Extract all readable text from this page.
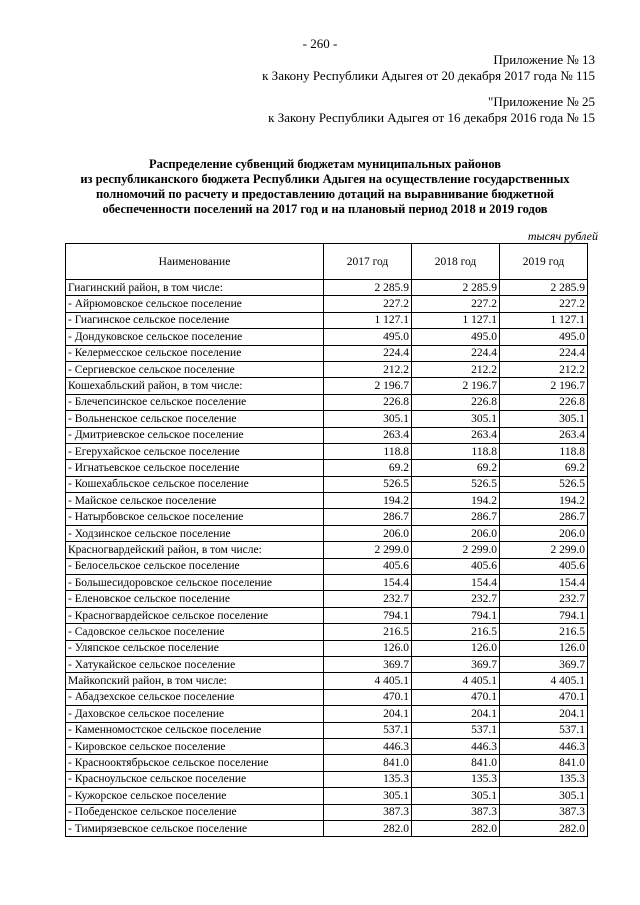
- 260 -
Приложение № 13
к Закону Республики Адыгея от 20 декабря 2017 года № 115
"Приложение № 25
к Закону Республики Адыгея от 16 декабря 2016 года № 15
Распределение субвенций бюджетам муниципальных районов
из республиканского бюджета Республики Адыгея на осуществление государственных
полномочий по расчету и предоставлению дотаций на выравнивание бюджетной
обеспеченности поселений на 2017 год и на плановый период 2018 и 2019 годов
тысяч рублей
Наименование	2017 год	2018 год	2019 год
Гиагинский район, в том числе:	2 285.9	2 285.9	2 285.9
- Айрюмовское сельское поселение	227.2	227.2	227.2
- Гиагинское сельское поселение	1 127.1	1 127.1	1 127.1
- Дондуковское сельское поселение	495.0	495.0	495.0
- Келермесское сельское поселение	224.4	224.4	224.4
- Сергиевское сельское поселение	212.2	212.2	212.2
Кошехабльский район, в том числе:	2 196.7	2 196.7	2 196.7
- Блечепсинское сельское поселение	226.8	226.8	226.8
- Вольненское сельское поселение	305.1	305.1	305.1
- Дмитриевское сельское поселение	263.4	263.4	263.4
- Егерухайское сельское поселение	118.8	118.8	118.8
- Игнатьевское сельское поселение	69.2	69.2	69.2
- Кошехабльское сельское поселение	526.5	526.5	526.5
- Майское сельское поселение	194.2	194.2	194.2
- Натырбовское сельское поселение	286.7	286.7	286.7
- Ходзинское сельское поселение	206.0	206.0	206.0
Красногвардейский район, в том числе:	2 299.0	2 299.0	2 299.0
- Белосельское сельское поселение	405.6	405.6	405.6
- Большесидоровское сельское поселение	154.4	154.4	154.4
- Еленовское сельское поселение	232.7	232.7	232.7
- Красногвардейское сельское поселение	794.1	794.1	794.1
- Садовское сельское поселение	216.5	216.5	216.5
- Уляпское сельское поселение	126.0	126.0	126.0
- Хатукайское сельское поселение	369.7	369.7	369.7
Майкопский район, в том числе:	4 405.1	4 405.1	4 405.1
- Абадзехское сельское поселение	470.1	470.1	470.1
- Даховское сельское поселение	204.1	204.1	204.1
- Каменномостское сельское поселение	537.1	537.1	537.1
- Кировское сельское поселение	446.3	446.3	446.3
- Краснооктябрьское сельское поселение	841.0	841.0	841.0
- Красноульское сельское поселение	135.3	135.3	135.3
- Кужорское сельское поселение	305.1	305.1	305.1
- Победенское сельское поселение	387.3	387.3	387.3
- Тимирязевское сельское поселение	282.0	282.0	282.0
